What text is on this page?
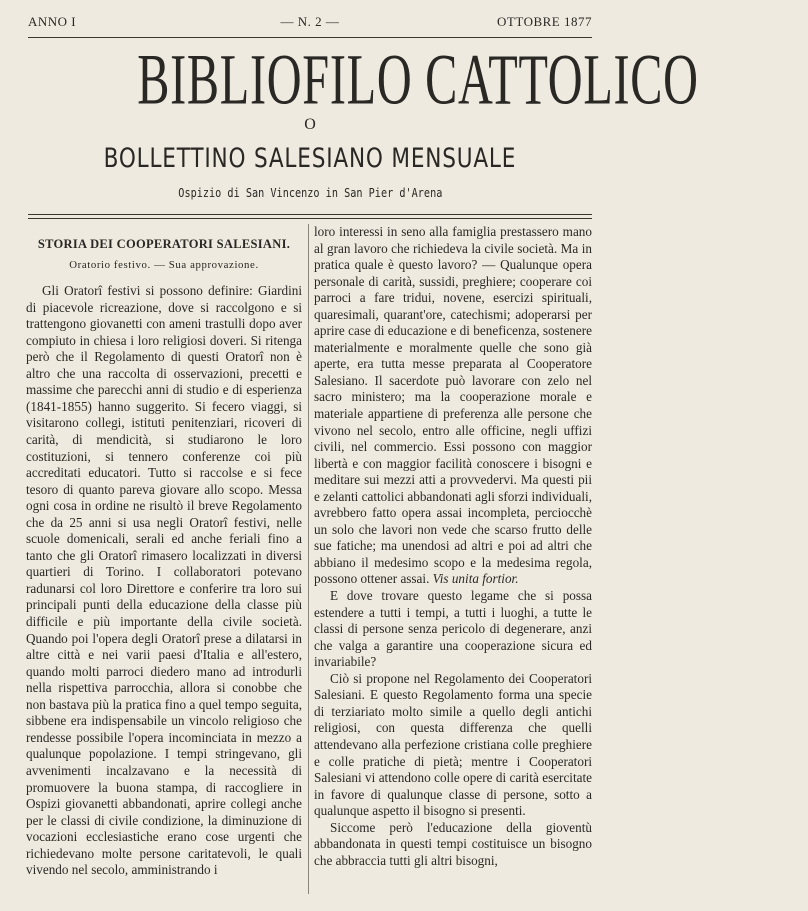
ANNO I	— N. 2 —	OTTOBRE 1877
BIBLIOFILO CATTOLICO
O
BOLLETTINO SALESIANO MENSUALE
Ospizio di San Vincenzo in San Pier d'Arena
STORIA DEI COOPERATORI SALESIANI.
Oratorio festivo. — Sua approvazione.

Gli Oratorî festivi si possono definire: Giardini di piacevole ricreazione, dove si raccolgono e si trattengono giovanetti con ameni trastulli dopo aver compiuto in chiesa i loro religiosi doveri. Si ritenga però che il Regolamento di questi Oratorî non è altro che una raccolta di osservazioni, precetti e massime che parecchi anni di studio e di esperienza (1841-1855) hanno suggerito. Si fecero viaggi, si visitarono collegi, istituti penitenziari, ricoveri di carità, di mendicità, si studiarono le loro costituzioni, si tennero conferenze coi più accreditati educatori. Tutto si raccolse e si fece tesoro di quanto pareva giovare allo scopo. Messa ogni cosa in ordine ne risultò il breve Regolamento che da 25 anni si usa negli Oratorî festivi, nelle scuole domenicali, serali ed anche feriali fino a tanto che gli Oratorî rimasero localizzati in diversi quartieri di Torino. I collaboratori potevano radunarsi col loro Direttore e conferire tra loro sui principali punti della educazione della classe più difficile e più importante della civile società. Quando poi l'opera degli Oratorî prese a dilatarsi in altre città e nei varii paesi d'Italia e all'estero, quando molti parroci diedero mano ad introdurli nella rispettiva parrocchia, allora si conobbe che non bastava più la pratica fino a quel tempo seguita, sibbene era indispensabile un vincolo religioso che rendesse possibile l'opera incominciata in mezzo a qualunque popolazione. I tempi stringevano, gli avvenimenti incalzavano e la necessità di promuovere la buona stampa, di raccogliere in Ospizi giovanetti abbandonati, aprire collegi anche per le classi di civile condizione, la diminuzione di vocazioni ecclesiastiche erano cose urgenti che richiedevano molte persone caritatevoli, le quali vivendo nel secolo, amministrando i

loro interessi in seno alla famiglia prestassero mano al gran lavoro che richiedeva la civile società. Ma in pratica quale è questo lavoro? — Qualunque opera personale di carità, sussidi, preghiere; cooperare coi parroci a fare tridui, novene, esercizi spirituali, quaresimali, quarant'ore, catechismi; adoperarsi per aprire case di educazione e di beneficenza, sostenere materialmente e moralmente quelle che sono già aperte, era tutta messe preparata al Cooperatore Salesiano. Il sacerdote può lavorare con zelo nel sacro ministero; ma la cooperazione morale e materiale appartiene di preferenza alle persone che vivono nel secolo, entro alle officine, negli uffizi civili, nel commercio. Essi possono con maggior libertà e con maggior facilità conoscere i bisogni e meditare sui mezzi atti a provvedervi. Ma questi pii e zelanti cattolici abbandonati agli sforzi individuali, avrebbero fatto opera assai incompleta, perciocchè un solo che lavori non vede che scarso frutto delle sue fatiche; ma unendosi ad altri e poi ad altri che abbiano il medesimo scopo e la medesima regola, possono ottener assai. Vis unita fortior.

E dove trovare questo legame che si possa estendere a tutti i tempi, a tutti i luoghi, a tutte le classi di persone senza pericolo di degenerare, anzi che valga a garantire una cooperazione sicura ed invariabile?

Ciò si propone nel Regolamento dei Cooperatori Salesiani. E questo Regolamento forma una specie di terziariato molto simile a quello degli antichi religiosi, con questa differenza che quelli attendevano alla perfezione cristiana colle preghiere e colle pratiche di pietà; mentre i Cooperatori Salesiani vi attendono colle opere di carità esercitate in favore di qualunque classe di persone, sotto a qualunque aspetto il bisogno si presenti.

Siccome però l'educazione della gioventù abbandonata in questi tempi costituisce un bisogno che abbraccia tutti gli altri bisogni,
